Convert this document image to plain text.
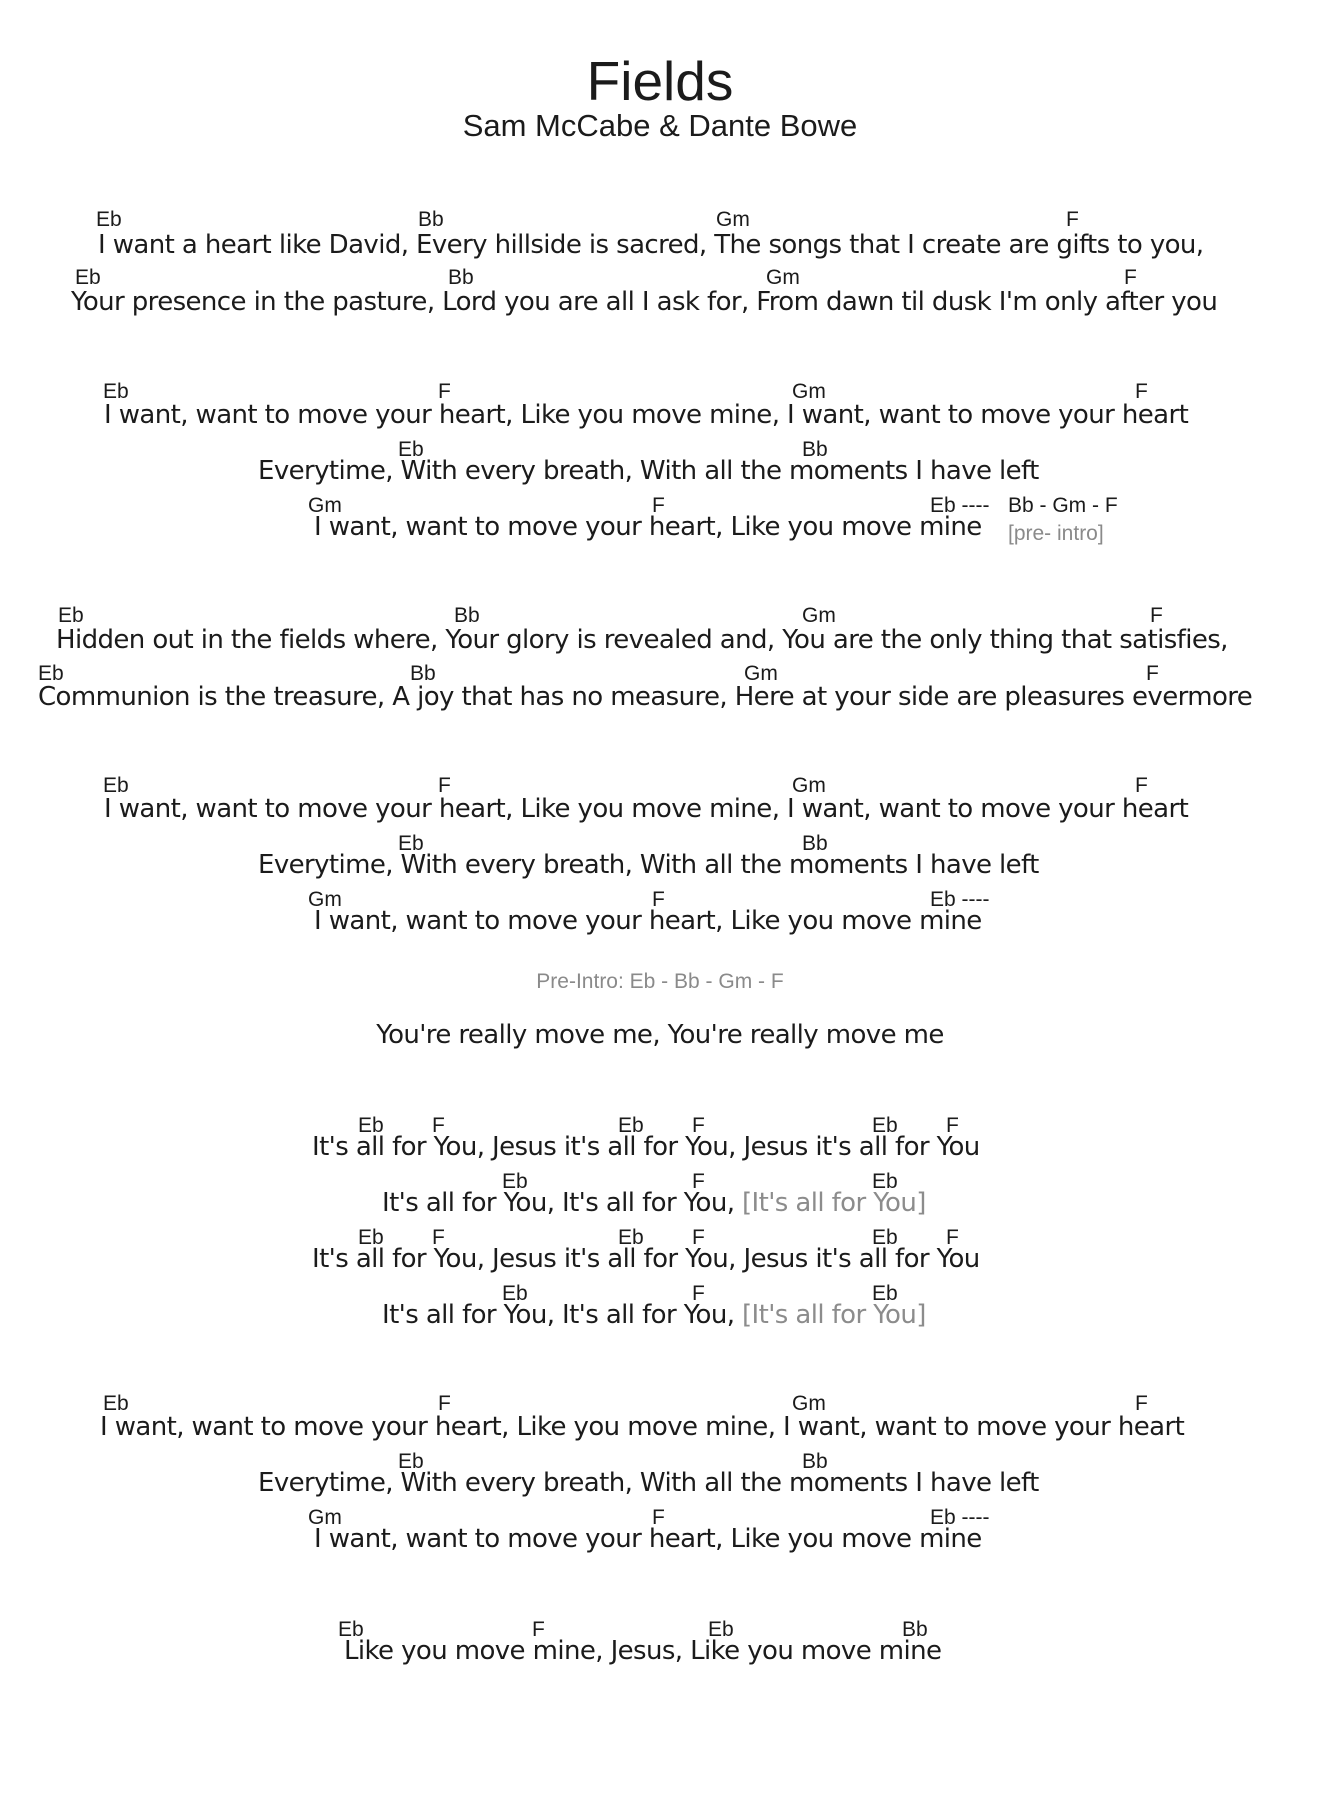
Fields
Sam McCabe & Dante Bowe
Eb	Bb	Gm	F
I want a heart like David, Every hillside is sacred, The songs that I create are gifts to you,
Eb	Bb	Gm	F
Your presence in the pasture, Lord you are all I ask for, From dawn til dusk I'm only after you
Eb	F	Gm	F
I want, want to move your heart, Like you move mine, I want, want to move your heart
Eb	Bb
Everytime, With every breath, With all the moments I have left
Gm	F	Eb ---- Bb - Gm - F
I want, want to move your heart, Like you move mine [pre- intro]
Eb	Bb	Gm	F
Hidden out in the fields where, Your glory is revealed and, You are the only thing that satisfies,
Eb	Bb	Gm	F
Communion is the treasure, A joy that has no measure, Here at your side are pleasures evermore
Eb	F	Gm	F
I want, want to move your heart, Like you move mine, I want, want to move your heart
Eb	Bb
Everytime, With every breath, With all the moments I have left
Gm	F	Eb ----
I want, want to move your heart, Like you move mine
Pre-Intro: Eb - Bb - Gm - F
You're really move me, You're really move me
Eb F	Eb F	Eb F
It's all for You, Jesus it's all for You, Jesus it's all for You
Eb	F	Eb
It's all for You, It's all for You, [It's all for You]
Eb F	Eb F	Eb F
It's all for You, Jesus it's all for You, Jesus it's all for You
Eb	F	Eb
It's all for You, It's all for You, [It's all for You]
Eb	F	Gm	F
I want, want to move your heart, Like you move mine, I want, want to move your heart
Eb	Bb
Everytime, With every breath, With all the moments I have left
Gm	F	Eb ----
I want, want to move your heart, Like you move mine
Eb	F	Eb	Bb
Like you move mine, Jesus, Like you move mine
